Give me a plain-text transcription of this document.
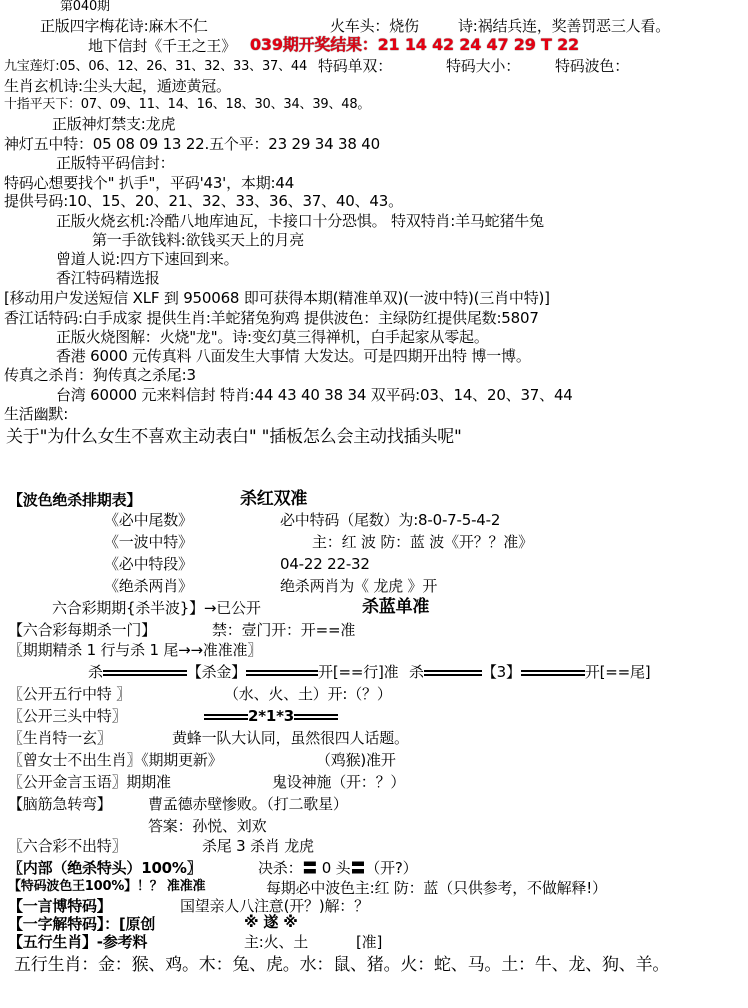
第040期
正版四字梅花诗:麻木不仁	火车头：烧伤	诗:祸结兵连，奖善罚恶三人看。
地下信封《千王之王》 039期开奖结果：21 14 42 24 47 29 T 22
九宝莲灯:05、06、12、26、31、32、33、37、44 特码单双：	特码大小： 特码波色：
生肖玄机诗:尘头大起，遁迹黄冠。
十指平天下：07、09、11、14、16、18、30、34、39、48。
正版神灯禁支:龙虎
神灯五中特：05 08 09 13 22.五个平：23 29 34 38 40
正版特平码信封：
特码心想要找个" 扒手"，平码'43'，本期:44
提供号码:10、15、20、21、32、33、36、37、40、43。
正版火烧玄机:冷酷八地库迪瓦，卡接口十分恐惧。 特双特肖:羊马蛇猪牛兔
第一手欲钱料:欲钱买天上的月亮
曾道人说:四方下速回到来。
香江特码精选报
[移动用户发送短信 XLF 到 950068 即可获得本期(精准单双)(一波中特)(三肖中特)]
香江话特码:白手成家 提供生肖:羊蛇猪兔狗鸡 提供波色：主绿防红提供尾数:5807
正版火烧图解：火烧"龙"。诗:变幻莫三得禅机，白手起家从零起。
香港 6000 元传真料 八面发生大事情 大发达。可是四期开出特 博一博。
传真之杀肖：狗传真之杀尾:3
台湾 60000 元来料信封 特肖:44 43 40 38 34 双平码:03、14、20、37、44
生活幽默:
关于"为什么女生不喜欢主动表白" "插板怎么会主动找插头呢"
【波色绝杀排期表】	杀红双准
《必中尾数》	必中特码（尾数）为:8-0-7-5-4-2
《一波中特》	主：红 波 防：蓝 波《开？？准》
《必中特段》	04-22 22-32
《绝杀两肖》	绝杀两肖为《 龙虎 》开
六合彩期期{杀半波}】→已公开	杀蓝单准
【六合彩每期杀一门】	禁：壹门开：开==准
〖期期精杀 1 行与杀 1 尾→→准准准〗
杀	【杀金】	开[==行]准 杀	【3】	开[==尾]
〖公开五行中特 〗	（水、火、土）开:（？）
〖公开三头中特〗	2*1*3
〖生肖特一玄〗	黄蜂一队大认同，虽然很四人话题。
〖曾女士不出生肖〗《期期更新》	（鸡猴)准开
〖公开金言玉语〗期期准	鬼设神施（开：？）
【脑筋急转弯】 曹孟德赤壁惨败。（打二歌星）
答案：孙悦、刘欢
〖六合彩不出特〗	杀尾 3 杀肖 龙虎
〖内部（绝杀特头）100%〗	决杀：〓 0 头〓（开?）
【特码波色王100%】！？ 准准准	每期必中波色主:红 防：蓝（只供参考，不做解释!）
【一言博特码】	国望亲人八注意(开？)解：？
【一字解特码】：[原创	※ 遂 ※
【五行生肖】-参考料	主:火、土	[准]
五行生肖：金：猴、鸡。木：兔、虎。水：鼠、猪。火：蛇、马。土：牛、龙、狗、羊。
